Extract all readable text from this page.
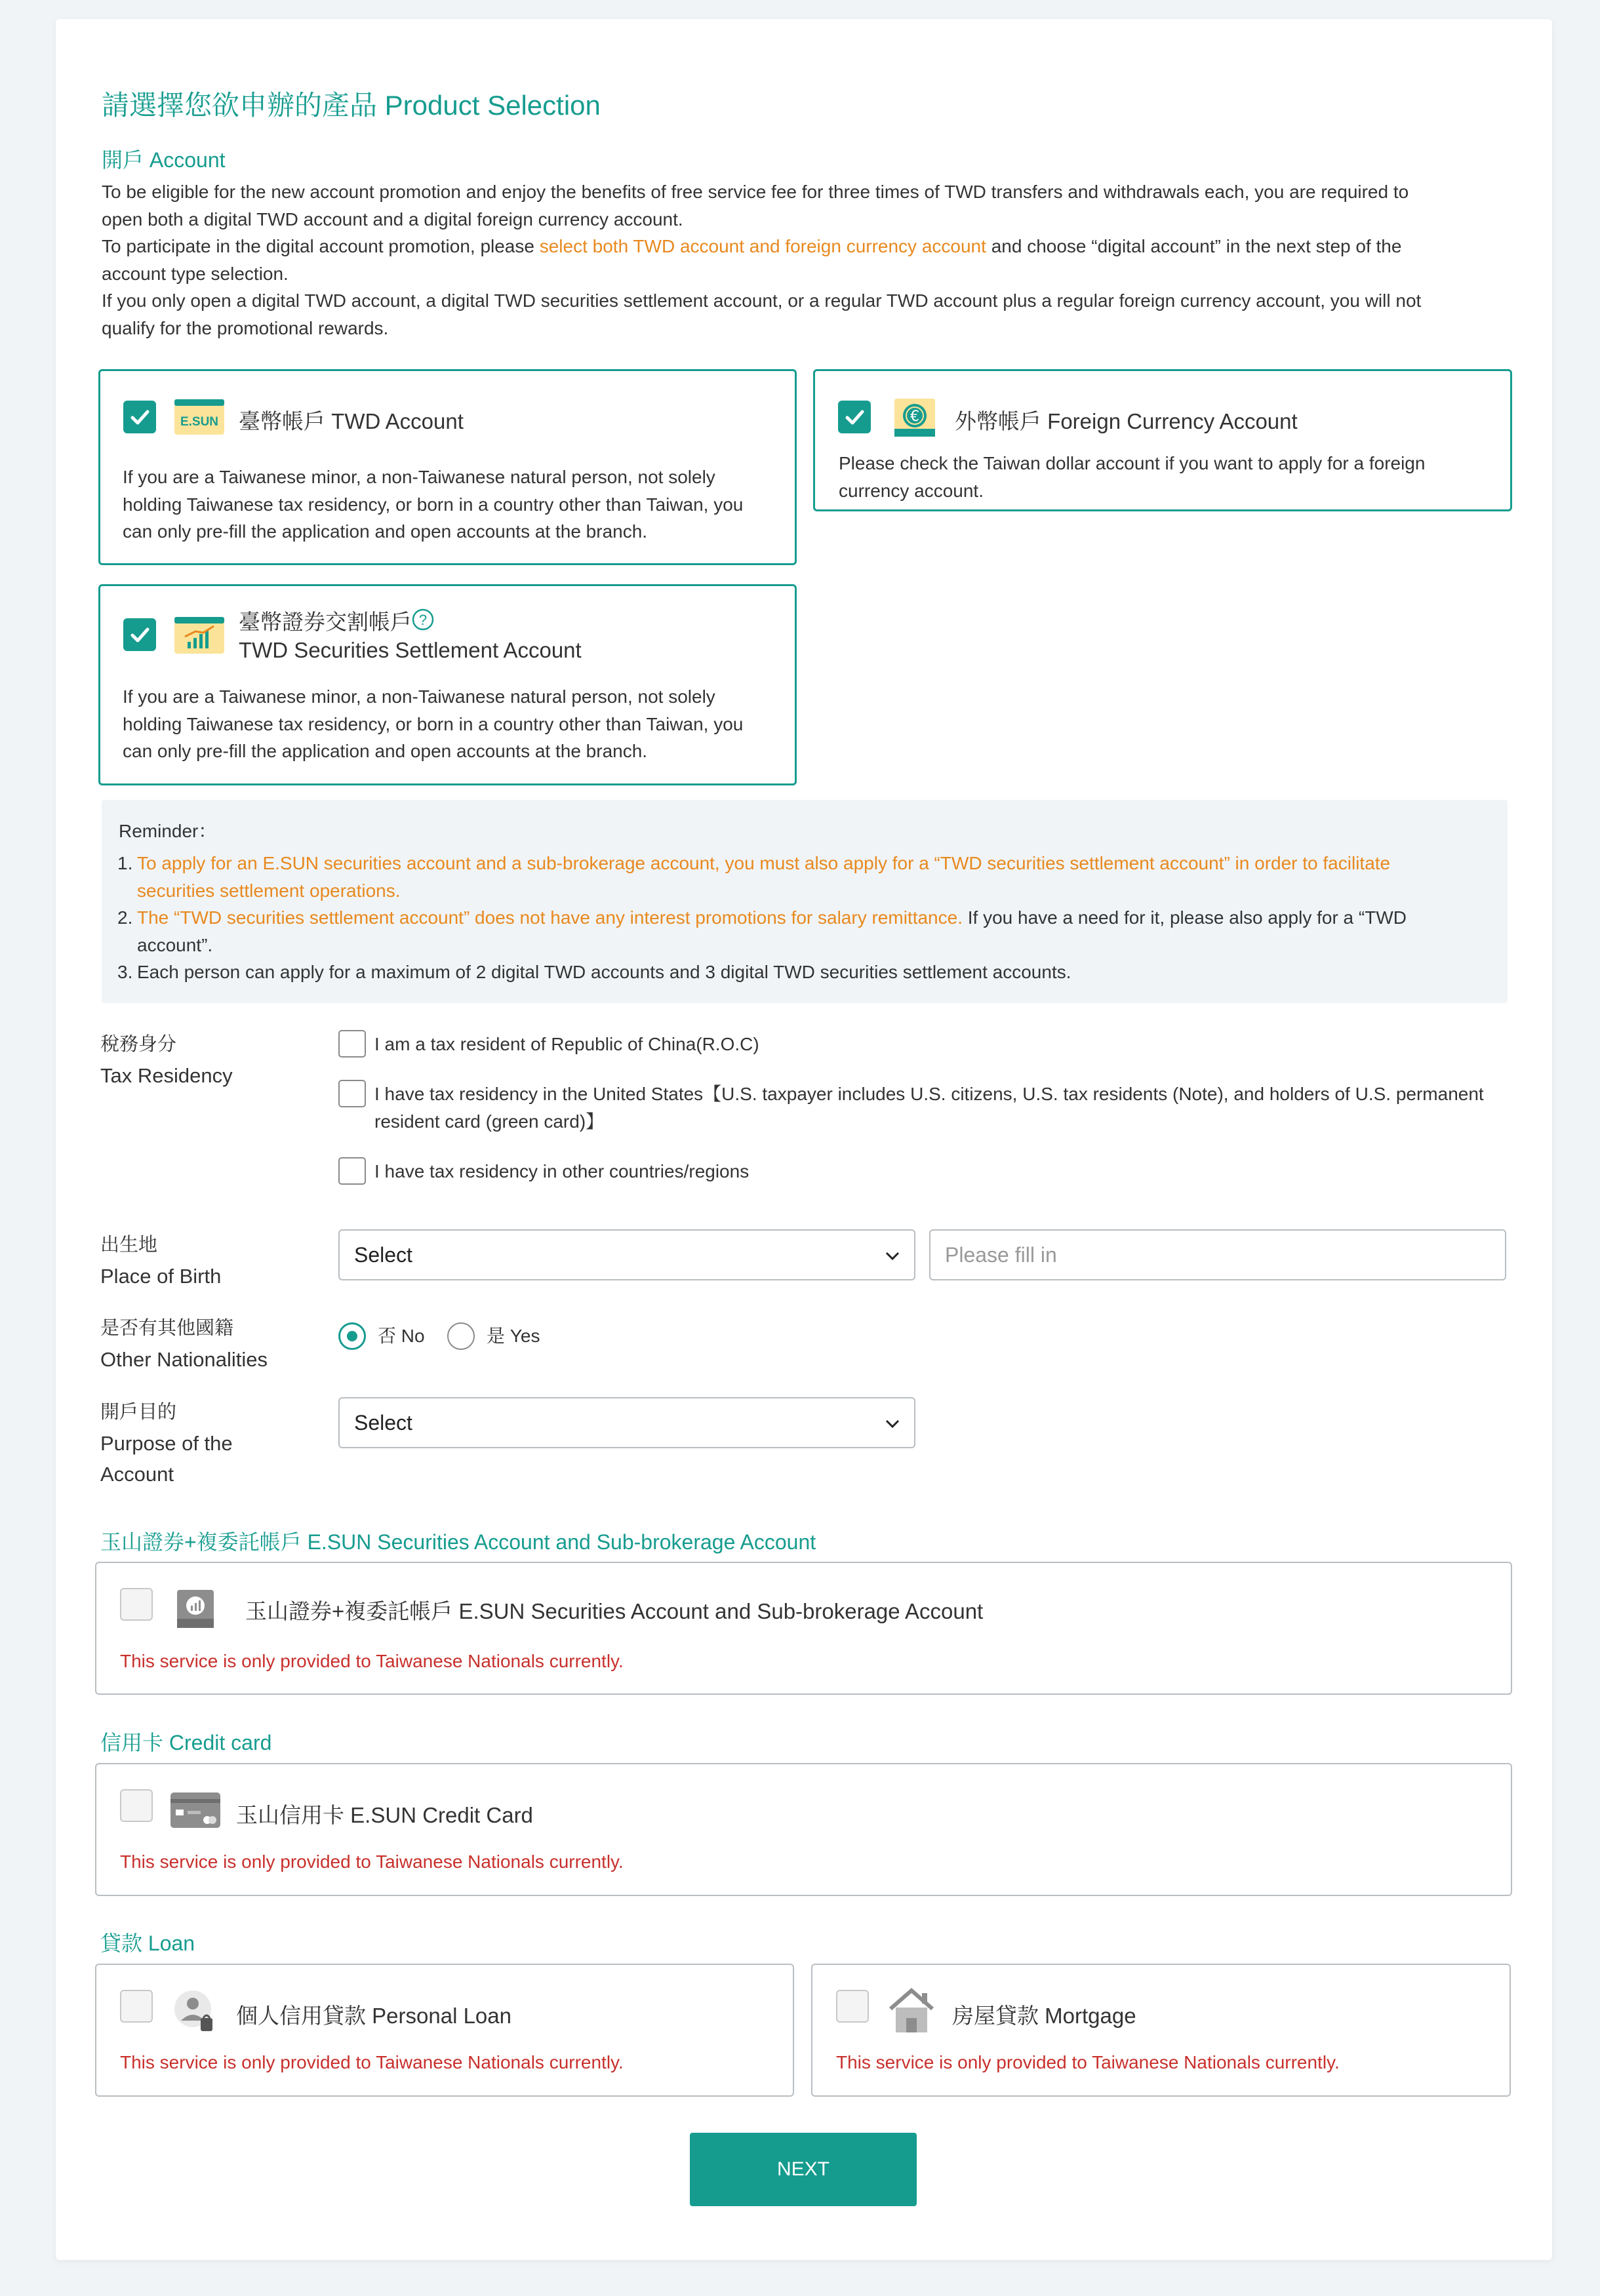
請選擇您欲申辦的產品 Product Selection
開戶 Account
To be eligible for the new account promotion and enjoy the benefits of free service fee for three times of TWD transfers and withdrawals each, you are required to
open both a digital TWD account and a digital foreign currency account.
To participate in the digital account promotion, please select both TWD account and foreign currency account and choose “digital account” in the next step of the
account type selection.
If you only open a digital TWD account, a digital TWD securities settlement account, or a regular TWD account plus a regular foreign currency account, you will not
qualify for the promotional rewards.
E.SUN 臺幣帳戶 TWD Account
If you are a Taiwanese minor, a non-Taiwanese natural person, not solely
holding Taiwanese tax residency, or born in a country other than Taiwan, you
can only pre-fill the application and open accounts at the branch.
€ 外幣帳戶 Foreign Currency Account
Please check the Taiwan dollar account if you want to apply for a foreign
currency account.
臺幣證券交割帳戶 ?
TWD Securities Settlement Account
If you are a Taiwanese minor, a non-Taiwanese natural person, not solely
holding Taiwanese tax residency, or born in a country other than Taiwan, you
can only pre-fill the application and open accounts at the branch.
Reminder：
1. To apply for an E.SUN securities account and a sub-brokerage account, you must also apply for a “TWD securities settlement account” in order to facilitate
securities settlement operations.
2. The “TWD securities settlement account” does not have any interest promotions for salary remittance. If you have a need for it, please also apply for a “TWD
account”.
3. Each person can apply for a maximum of 2 digital TWD accounts and 3 digital TWD securities settlement accounts.
稅務身分
Tax Residency
I am a tax resident of Republic of China(R.O.C)
I have tax residency in the United States【U.S. taxpayer includes U.S. citizens, U.S. tax residents (Note), and holders of U.S. permanent
resident card (green card)】
I have tax residency in other countries/regions
出生地
Place of Birth
Select	Please fill in
是否有其他國籍
Other Nationalities
否 No	是 Yes
開戶目的
Purpose of the
Account
Select
玉山證券+複委託帳戶 E.SUN Securities Account and Sub-brokerage Account
玉山證券+複委託帳戶 E.SUN Securities Account and Sub-brokerage Account
This service is only provided to Taiwanese Nationals currently.
信用卡 Credit card
玉山信用卡 E.SUN Credit Card
This service is only provided to Taiwanese Nationals currently.
貸款 Loan
個人信用貸款 Personal Loan
This service is only provided to Taiwanese Nationals currently.
房屋貸款 Mortgage
This service is only provided to Taiwanese Nationals currently.
NEXT
